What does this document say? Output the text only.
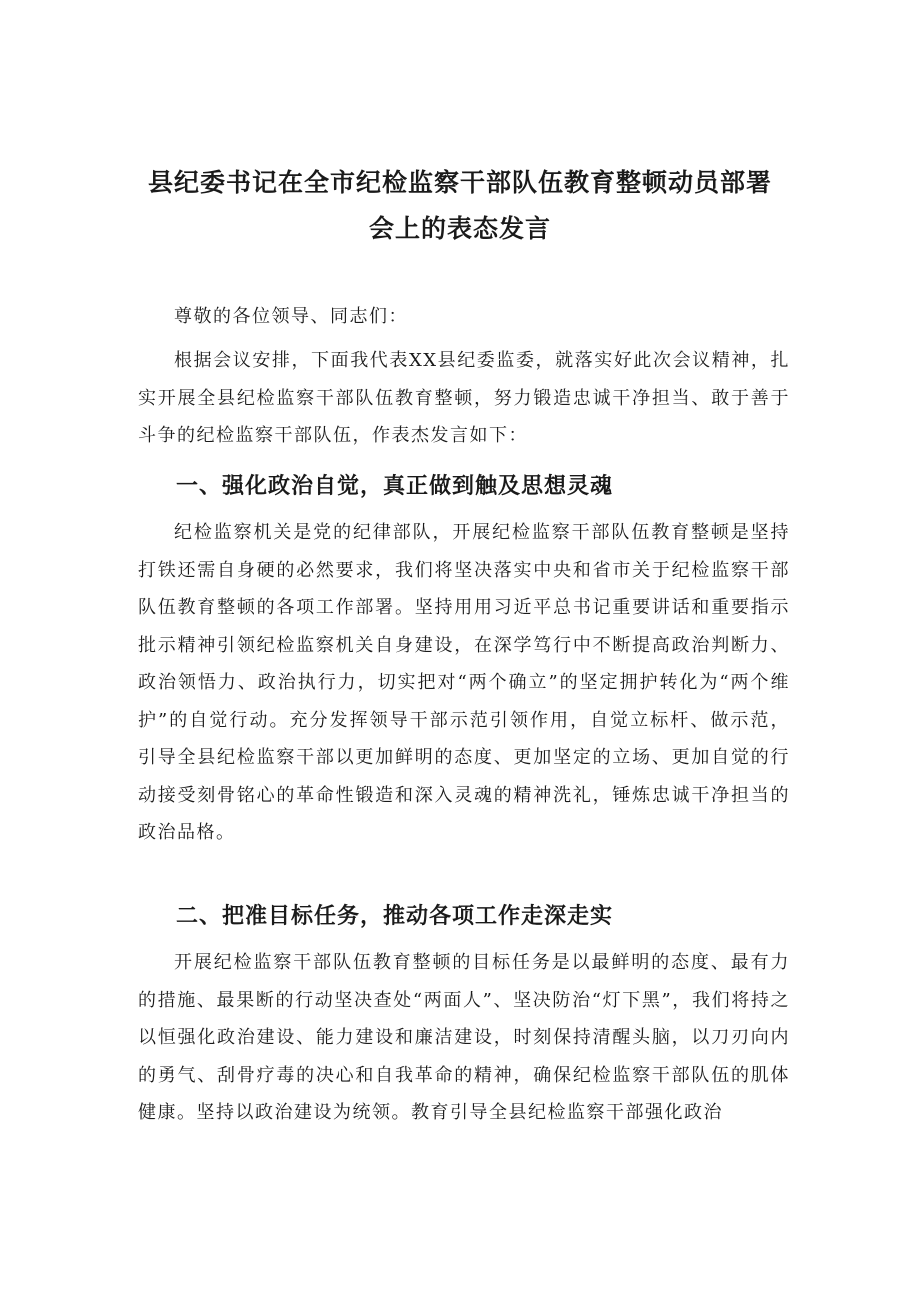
县纪委书记在全市纪检监察干部队伍教育整顿动员部署
会上的表态发言

尊敬的各位领导、同志们：

根据会议安排，下面我代表XX县纪委监委，就落实好此次会议精神，扎实开展全县纪检监察干部队伍教育整顿，努力锻造忠诚干净担当、敢于善于斗争的纪检监察干部队伍，作表杰发言如下：

一、强化政治自觉，真正做到触及思想灵魂

纪检监察机关是党的纪律部队，开展纪检监察干部队伍教育整顿是坚持打铁还需自身硬的必然要求，我们将坚决落实中央和省市关于纪检监察干部队伍教育整顿的各项工作部署。坚持用用习近平总书记重要讲话和重要指示批示精神引领纪检监察机关自身建设，在深学笃行中不断提高政治判断力、政治领悟力、政治执行力，切实把对“两个确立”的坚定拥护转化为“两个维护”的自觉行动。充分发挥领导干部示范引领作用，自觉立标杆、做示范，引导全县纪检监察干部以更加鲜明的态度、更加坚定的立场、更加自觉的行动接受刻骨铭心的革命性锻造和深入灵魂的精神洗礼，锤炼忠诚干净担当的政治品格。

二、把准目标任务，推动各项工作走深走实

开展纪检监察干部队伍教育整顿的目标任务是以最鲜明的态度、最有力的措施、最果断的行动坚决查处“两面人”、坚决防治“灯下黑”，我们将持之以恒强化政治建设、能力建设和廉洁建设，时刻保持清醒头脑，以刀刃向内的勇气、刮骨疗毒的决心和自我革命的精神，确保纪检监察干部队伍的肌体健康。坚持以政治建设为统领。教育引导全县纪检监察干部强化政治
